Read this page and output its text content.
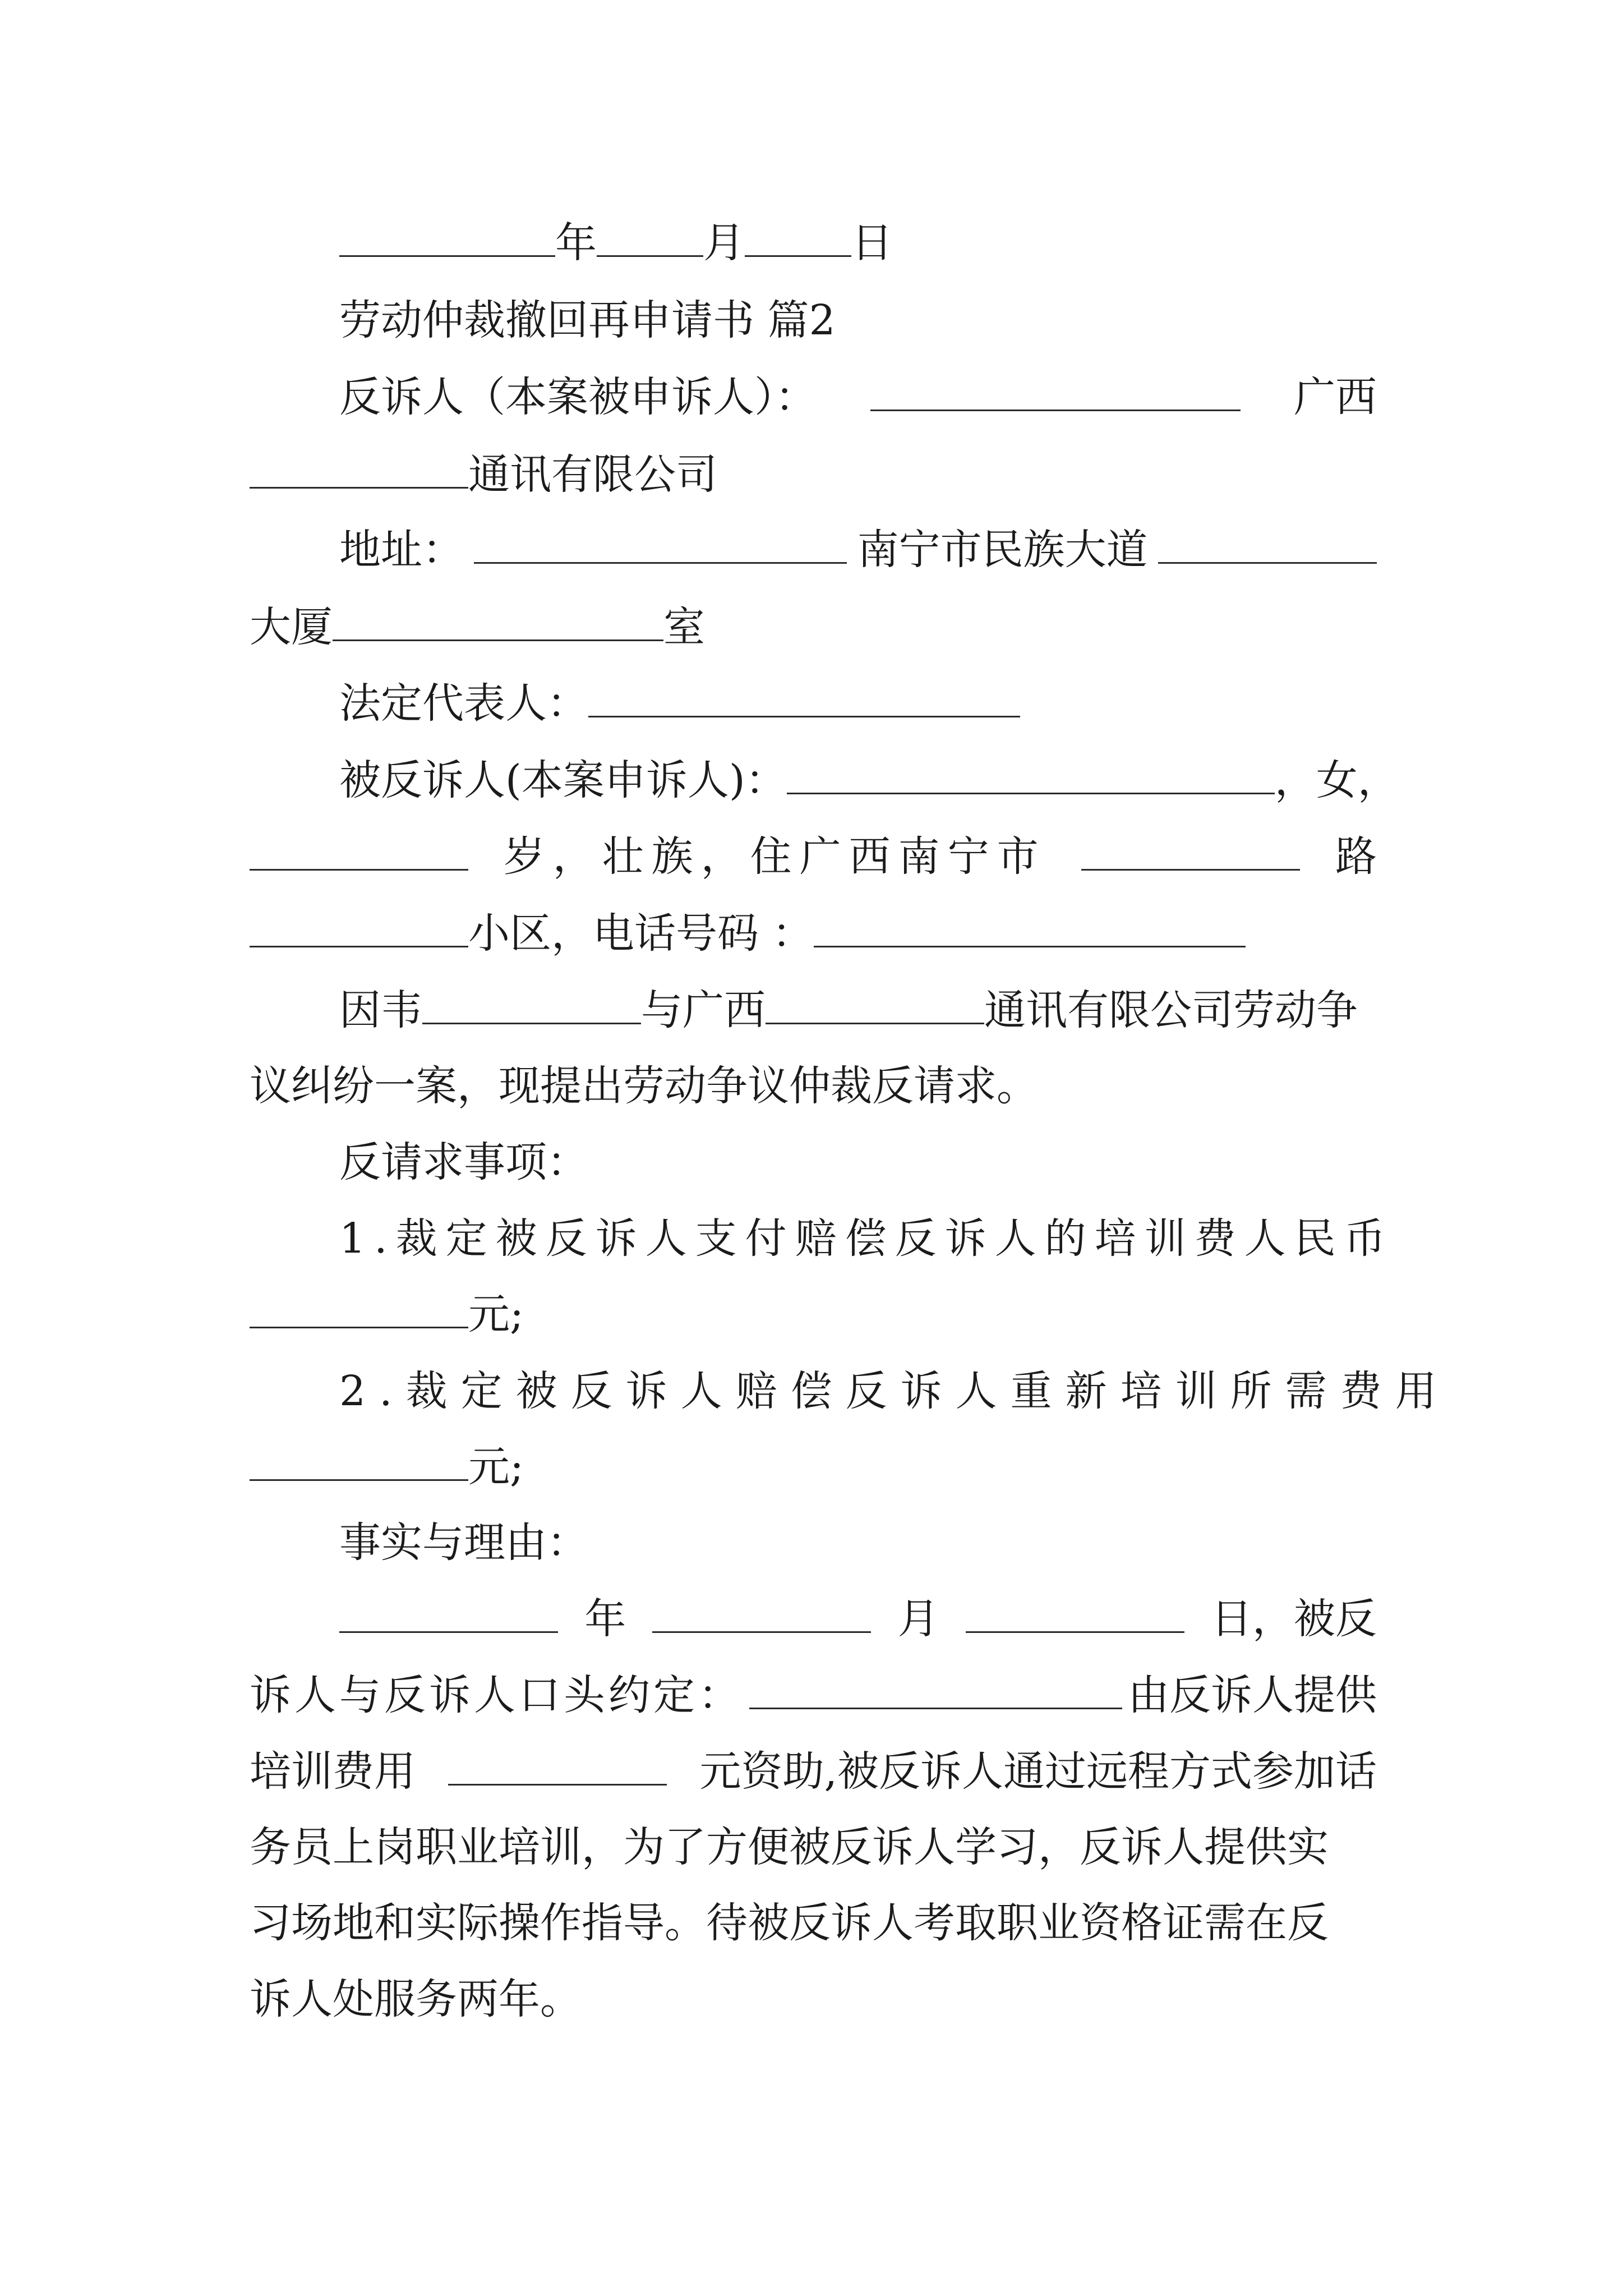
年	月	日
劳动仲裁撤回再申请书 篇2
反诉人（本案被申诉人）：	广西
通讯有限公司
地址：	南宁市民族大道
大厦	室
法定代表人：
被反诉人(本案申诉人)：	，女，
岁，壮族，住广西南宁市	路
小区，电话号码 ：
因韦	与广西	通讯有限公司劳动争
议纠纷一案，现提出劳动争议仲裁反请求。
反请求事项：
1.裁定被反诉人支付赔偿反诉人的培训费人民币
元;
2.裁定被反诉人赔偿反诉人重新培训所需费用
元;
事实与理由：
年	月	日，被反
诉人与反诉人口头约定：	由反诉人提供
培训费用	元资助,被反诉人通过远程方式参加话
务员上岗职业培训，为了方便被反诉人学习，反诉人提供实
习场地和实际操作指导。待被反诉人考取职业资格证需在反
诉人处服务两年。
